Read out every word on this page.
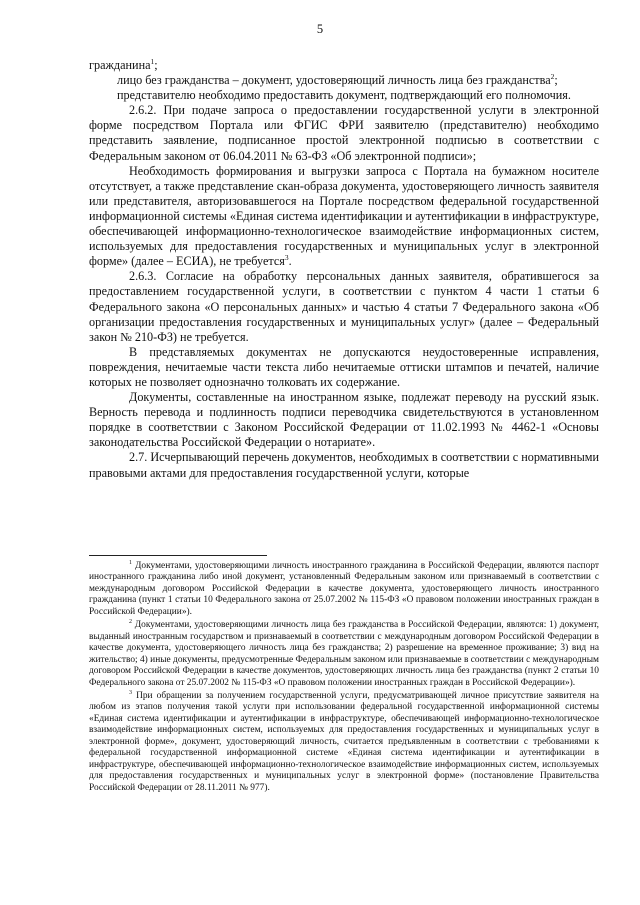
5

гражданина$^1$;

лицо без гражданства – документ, удостоверяющий личность лица без гражданства$^2$;

представителю необходимо предоставить документ, подтверждающий его полномочия.

2.6.2. При подаче запроса о предоставлении государственной услуги в электронной форме посредством Портала или ФГИС ФРИ заявителю (представителю) необходимо представить заявление, подписанное простой электронной подписью в соответствии с Федеральным законом от 06.04.2011 № 63-ФЗ «Об электронной подписи»;

Необходимость формирования и выгрузки запроса с Портала на бумажном носителе отсутствует, а также представление скан-образа документа, удостоверяющего личность заявителя или представителя, авторизовавшегося на Портале посредством федеральной государственной информационной системы «Единая система идентификации и аутентификации в инфраструктуре, обеспечивающей информационно-технологическое взаимодействие информационных систем, используемых для предоставления государственных и муниципальных услуг в электронной форме» (далее – ЕСИА), не требуется$^3$.

2.6.3. Согласие на обработку персональных данных заявителя, обратившегося за предоставлением государственной услуги, в соответствии с пунктом 4 части 1 статьи 6 Федерального закона «О персональных данных» и частью 4 статьи 7 Федерального закона «Об организации предоставления государственных и муниципальных услуг» (далее – Федеральный закон № 210-ФЗ) не требуется.

В представляемых документах не допускаются неудостоверенные исправления, повреждения, нечитаемые части текста либо нечитаемые оттиски штампов и печатей, наличие которых не позволяет однозначно толковать их содержание.

Документы, составленные на иностранном языке, подлежат переводу на русский язык. Верность перевода и подлинность подписи переводчика свидетельствуются в установленном порядке в соответствии с Законом Российской Федерации от 11.02.1993 № 4462-1 «Основы законодательства Российской Федерации о нотариате».

2.7. Исчерпывающий перечень документов, необходимых в соответствии с нормативными правовыми актами для предоставления государственной услуги, которые

$^1$ Документами, удостоверяющими личность иностранного гражданина в Российской Федерации, являются паспорт иностранного гражданина либо иной документ, установленный Федеральным законом или признаваемый в соответствии с международным договором Российской Федерации в качестве документа, удостоверяющего личность иностранного гражданина (пункт 1 статьи 10 Федерального закона от 25.07.2002 № 115-ФЗ «О правовом положении иностранных граждан в Российской Федерации»).

$^2$ Документами, удостоверяющими личность лица без гражданства в Российской Федерации, являются: 1) документ, выданный иностранным государством и признаваемый в соответствии с международным договором Российской Федерации в качестве документа, удостоверяющего личность лица без гражданства; 2) разрешение на временное проживание; 3) вид на жительство; 4) иные документы, предусмотренные Федеральным законом или признаваемые в соответствии с международным договором Российской Федерации в качестве документов, удостоверяющих личность лица без гражданства (пункт 2 статьи 10 Федерального закона от 25.07.2002 № 115-ФЗ «О правовом положении иностранных граждан в Российской Федерации»).

$^3$ При обращении за получением государственной услуги, предусматривающей личное присутствие заявителя на любом из этапов получения такой услуги при использовании федеральной государственной информационной системы «Единая система идентификации и аутентификации в инфраструктуре, обеспечивающей информационно-технологическое взаимодействие информационных систем, используемых для предоставления государственных и муниципальных услуг в электронной форме», документ, удостоверяющий личность, считается предъявленным в соответствии с требованиями к федеральной государственной информационной системе «Единая система идентификации и аутентификации в инфраструктуре, обеспечивающей информационно-технологическое взаимодействие информационных систем, используемых для предоставления государственных и муниципальных услуг в электронной форме» (постановление Правительства Российской Федерации от 28.11.2011 № 977).
